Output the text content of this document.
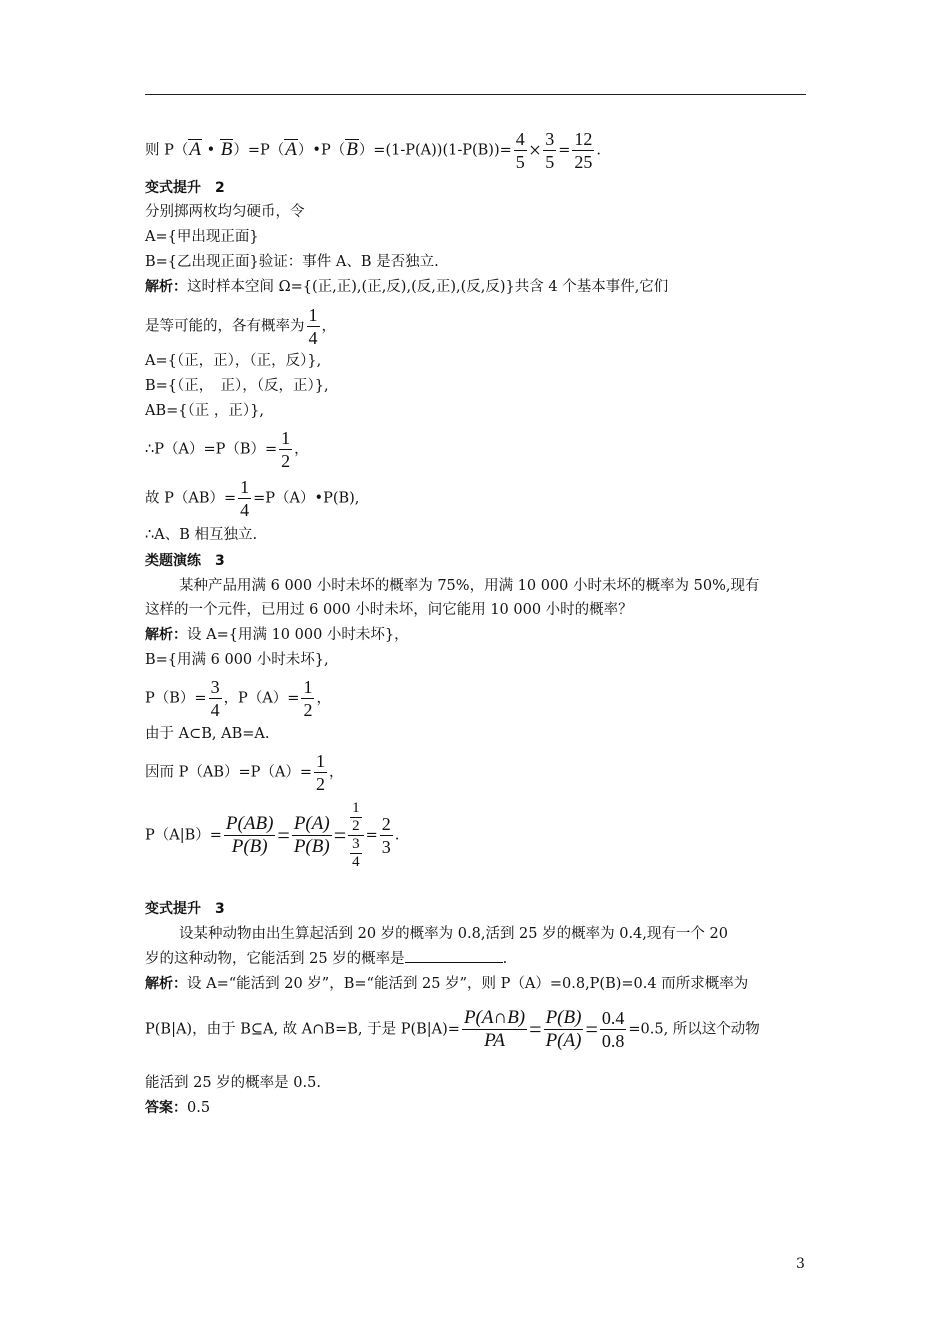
则 P（A • B）=P（A）•P（B）=(1-P(A))(1-P(B))= $\frac{4}{5} \times \frac{3}{5} = \frac{12}{25}$ .
变式提升　2
分别掷两枚均匀硬币，令
A={甲出现正面}
B={乙出现正面}验证：事件 A、B 是否独立.
解析：这时样本空间 Ω={(正,正),(正,反),(反,正),(反,反)}共含 4 个基本事件,它们
是等可能的，各有概率为 $\frac{1}{4}$ ，
A={（正，正），（正，反）},
B={（正，　正），（反，正）},
AB={（正 ，正）},
∴P（A）=P（B）= $\frac{1}{2}$ ，
故 $P(AB)= \frac{1}{4}$ =P（A）•P(B),
∴A、B 相互独立.
类题演练　3
某种产品用满 6 000 小时未坏的概率为 75%，用满 10 000 小时未坏的概率为 50%,现有
这样的一个元件，已用过 6 000 小时未坏，问它能用 10 000 小时的概率？
解析：设 A={用满 10 000 小时未坏}，
B={用满 6 000 小时未坏},
$P(B)= \frac{3}{4}$ ，$P(A)= \frac{1}{2}$ ，
由于 A⊂B, AB=A.
因而 $P(AB)=P(A)= \frac{1}{2}$ ，
$P(A|B)= \frac{P(AB)}{P(B)} = \frac{P(A)}{P(B)} = \frac{\frac{1}{2}}{\frac{3}{4}} = \frac{2}{3}$ .
变式提升　3
设某种动物由出生算起活到 20 岁的概率为 0.8,活到 25 岁的概率为 0.4,现有一个 20
岁的这种动物，它能活到 25 岁的概率是	.
解析：设 A=“能活到 20 岁”，B=“能活到 25 岁”，则 P（A）=0.8,P(B)=0.4 而所求概率为
P(B|A)，由于 B⊆A, 故 A∩B=B, 于是 $P(B|A)= \frac{P(A\cap B)}{PA} = \frac{P(B)}{P(A)} = \frac{0.4}{0.8} =0.5$, 所以这个动物
能活到 25 岁的概率是 0.5.
答案：0.5
3
